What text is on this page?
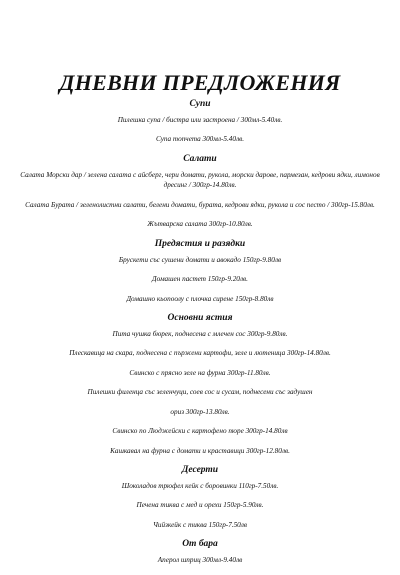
ДНЕВНИ ПРЕДЛОЖЕНИЯ
Супи
Пилешка супа / бистра или застроена / 300мл-5.40лв.
Супа топчета 300мл-5.40лв.
Салати
Салата Морски дар / зелена салата с айсберг, чери домати, рукола, морски дарове, пармезан, кедрови ядки, лимонов дресинг / 300гр-14.80лв.
Салата Бурата / зеленолистни салати, белени домати, бурата, кедрови ядки, рукола и сос песто / 300гр-15.80лв.
Жътварска салата 300гр-10.80лв.
Предястия и разядки
Брускети със сушени домати и авокадо 150гр-9.80лв
Домашен пастет 150гр-9.20лв.
Домашно кьопоолу с плочка сирене 150гр-8.80лв
Основни ястия
Пита чушка бюрек, поднесена с млечен сос 300гр-9.80лв.
Плескавица на скара, поднесена с пържени картофи, зеле и лютеница 300гр-14.80лв.
Свинско с прясно зеле на фурна 300гр-11.80лв.
Пилешки филенца със зеленчуци, соев сос и сусам, поднесени със задушен
ориз 300гр-13.80лв.
Свинско по Люджейски с картофено пюре 300гр-14.80лв
Кашкавал на фурна с домати и краставици 300гр-12.80лв.
Десерти
Шоколадов трюфел кейк с боровинки 110гр-7.50лв.
Печена тиква с мед и орехи 150гр-5.90лв.
Чийзкейк с тиква 150гр-7.50лв
От бара
Аперол шприц 300мл-9.40лв
